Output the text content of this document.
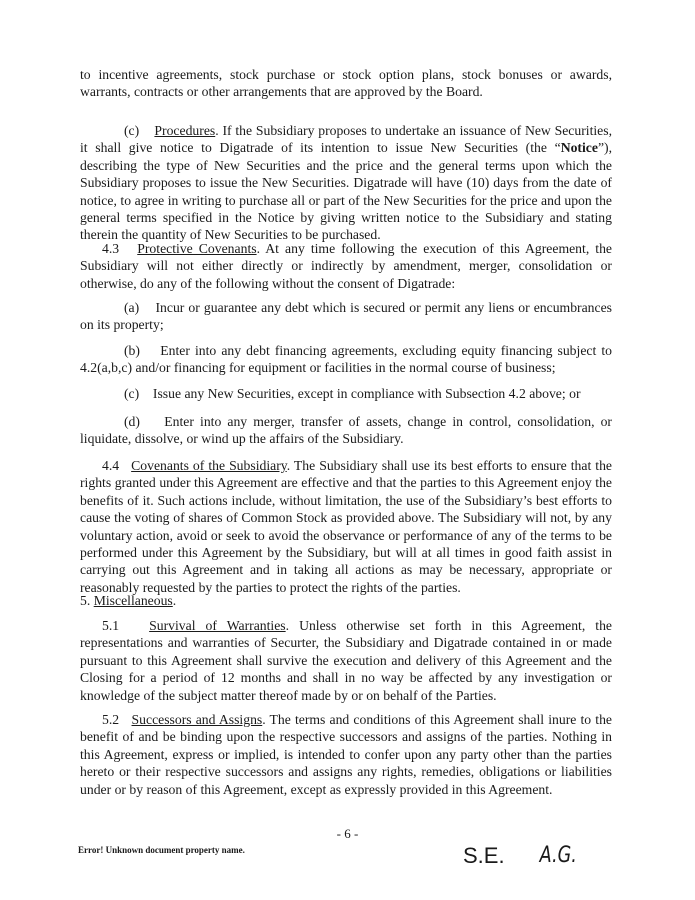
to incentive agreements, stock purchase or stock option plans, stock bonuses or awards, warrants, contracts or other arrangements that are approved by the Board.

(c) Procedures. If the Subsidiary proposes to undertake an issuance of New Securities, it shall give notice to Digatrade of its intention to issue New Securities (the “Notice”), describing the type of New Securities and the price and the general terms upon which the Subsidiary proposes to issue the New Securities. Digatrade will have (10) days from the date of notice, to agree in writing to purchase all or part of the New Securities for the price and upon the general terms specified in the Notice by giving written notice to the Subsidiary and stating therein the quantity of New Securities to be purchased.

4.3 Protective Covenants. At any time following the execution of this Agreement, the Subsidiary will not either directly or indirectly by amendment, merger, consolidation or otherwise, do any of the following without the consent of Digatrade:

(a) Incur or guarantee any debt which is secured or permit any liens or encumbrances on its property;

(b) Enter into any debt financing agreements, excluding equity financing subject to 4.2(a,b,c) and/or financing for equipment or facilities in the normal course of business;

(c) Issue any New Securities, except in compliance with Subsection 4.2 above; or

(d) Enter into any merger, transfer of assets, change in control, consolidation, or liquidate, dissolve, or wind up the affairs of the Subsidiary.

4.4 Covenants of the Subsidiary. The Subsidiary shall use its best efforts to ensure that the rights granted under this Agreement are effective and that the parties to this Agreement enjoy the benefits of it. Such actions include, without limitation, the use of the Subsidiary’s best efforts to cause the voting of shares of Common Stock as provided above. The Subsidiary will not, by any voluntary action, avoid or seek to avoid the observance or performance of any of the terms to be performed under this Agreement by the Subsidiary, but will at all times in good faith assist in carrying out this Agreement and in taking all actions as may be necessary, appropriate or reasonably requested by the parties to protect the rights of the parties.

5. Miscellaneous.

5.1 Survival of Warranties. Unless otherwise set forth in this Agreement, the representations and warranties of Securter, the Subsidiary and Digatrade contained in or made pursuant to this Agreement shall survive the execution and delivery of this Agreement and the Closing for a period of 12 months and shall in no way be affected by any investigation or knowledge of the subject matter thereof made by or on behalf of the Parties.

5.2 Successors and Assigns. The terms and conditions of this Agreement shall inure to the benefit of and be binding upon the respective successors and assigns of the parties. Nothing in this Agreement, express or implied, is intended to confer upon any party other than the parties hereto or their respective successors and assigns any rights, remedies, obligations or liabilities under or by reason of this Agreement, except as expressly provided in this Agreement.

- 6 -
Error! Unknown document property name.	S.E. A.G.
